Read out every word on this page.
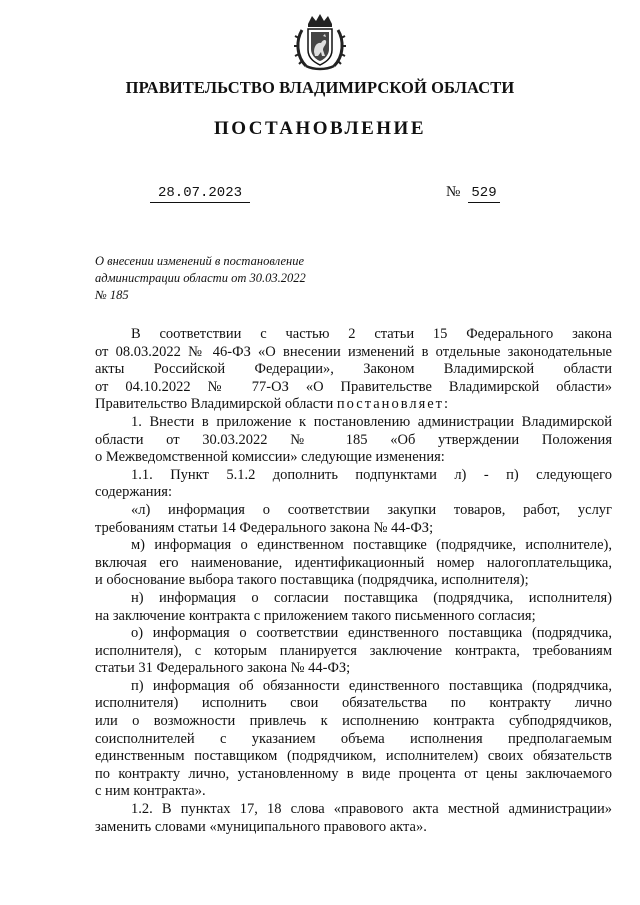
ПРАВИТЕЛЬСТВО ВЛАДИМИРСКОЙ ОБЛАСТИ
ПОСТАНОВЛЕНИЕ
28.07.2023	№ 529
О внесении изменений в постановление
администрации области от 30.03.2022
№ 185
В соответствии с частью 2 статьи 15 Федерального закона
от 08.03.2022 № 46-ФЗ «О внесении изменений в отдельные законодательные
акты Российской Федерации», Законом Владимирской области
от 04.10.2022 № 77-ОЗ «О Правительстве Владимирской области»
Правительство Владимирской области постановляет:
1. Внести в приложение к постановлению администрации Владимирской
области от 30.03.2022 № 185 «Об утверждении Положения
о Межведомственной комиссии» следующие изменения:
1.1. Пункт 5.1.2 дополнить подпунктами л) - п) следующего
содержания:
«л) информация о соответствии закупки товаров, работ, услуг
требованиям статьи 14 Федерального закона № 44-ФЗ;
м) информация о единственном поставщике (подрядчике, исполнителе),
включая его наименование, идентификационный номер налогоплательщика,
и обоснование выбора такого поставщика (подрядчика, исполнителя);
н) информация о согласии поставщика (подрядчика, исполнителя)
на заключение контракта с приложением такого письменного согласия;
о) информация о соответствии единственного поставщика (подрядчика,
исполнителя), с которым планируется заключение контракта, требованиям
статьи 31 Федерального закона № 44-ФЗ;
п) информация об обязанности единственного поставщика (подрядчика,
исполнителя) исполнить свои обязательства по контракту лично
или о возможности привлечь к исполнению контракта субподрядчиков,
соисполнителей с указанием объема исполнения предполагаемым
единственным поставщиком (подрядчиком, исполнителем) своих обязательств
по контракту лично, установленному в виде процента от цены заключаемого
с ним контракта».
1.2. В пунктах 17, 18 слова «правового акта местной администрации»
заменить словами «муниципального правового акта».
